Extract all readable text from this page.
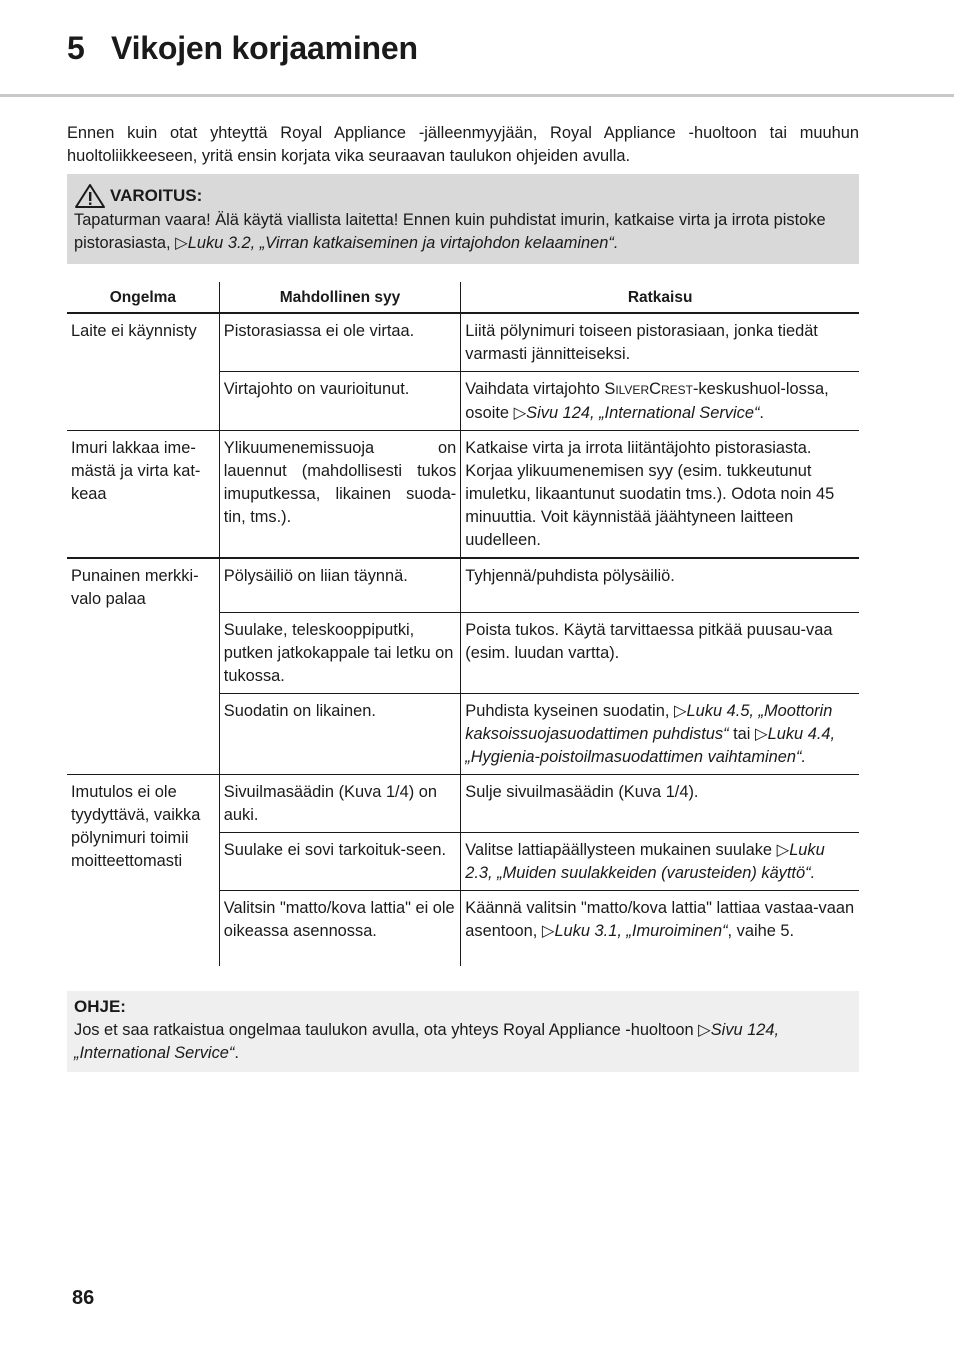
5 Vikojen korjaaminen

Ennen kuin otat yhteyttä Royal Appliance -jälleenmyyjään, Royal Appliance -huoltoon tai muuhun huoltoliikkeeseen, yritä ensin korjata vika seuraavan taulukon ohjeiden avulla.

VAROITUS:

Tapaturman vaara! Älä käytä viallista laitetta! Ennen kuin puhdistat imurin, katkaise virta ja irrota pistoke pistorasiasta, ▷Luku 3.2, „Virran katkaiseminen ja virtajohdon kelaaminen“.

Ongelma	Mahdollinen syy	Ratkaisu
Laite ei käynnisty	Pistorasiassa ei ole virtaa.	Liitä pölynimuri toiseen pistorasiaan, jonka tiedät varmasti jännitteiseksi.
	Virtajohto on vaurioitunut.	Vaihdata virtajohto SILVERCREST-keskushuol-lossa, osoite ▷Sivu 124, „International Service“.
Imuri lakkaa ime-mästä ja virta kat-keaa	Ylikuumenemissuoja on lauennut (mahdollisesti tukos imuputkessa, likainen suoda-tin, tms.).	Katkaise virta ja irrota liitäntäjohto pistorasiasta. Korjaa ylikuumenemisen syy (esim. tukkeutunut imuletku, likaantunut suodatin tms.). Odota noin 45 minuuttia. Voit käynnistää jäähtyneen laitteen uudelleen.
Punainen merkki-valo palaa	Pölysäiliö on liian täynnä.	Tyhjennä/puhdista pölysäiliö.
	Suulake, teleskooppiputki, putken jatkokappale tai letku on tukossa.	Poista tukos. Käytä tarvittaessa pitkää puusau-vaa (esim. luudan vartta).
	Suodatin on likainen.	Puhdista kyseinen suodatin, ▷Luku 4.5, „Moottorin kaksoissuojasuodattimen puhdistus“ tai ▷Luku 4.4, „Hygienia-poistoilmasuodattimen vaihtaminen“.
Imutulos ei ole tyydyttävä, vaikka pölynimuri toimii moitteettomasti	Sivuilmasäädin (Kuva 1/4) on auki.	Sulje sivuilmasäädin (Kuva 1/4).
	Suulake ei sovi tarkoituk-seen.	Valitse lattiapäällysteen mukainen suulake ▷Luku 2.3, „Muiden suulakkeiden (varusteiden) käyttö“.
	Valitsin "matto/kova lattia" ei ole oikeassa asennossa.	Käännä valitsin "matto/kova lattia" lattiaa vastaa-vaan asentoon, ▷Luku 3.1, „Imuroiminen“, vaihe 5.
OHJE:

Jos et saa ratkaistua ongelmaa taulukon avulla, ota yhteys Royal Appliance -huoltoon ▷Sivu 124, „International Service“.

86
